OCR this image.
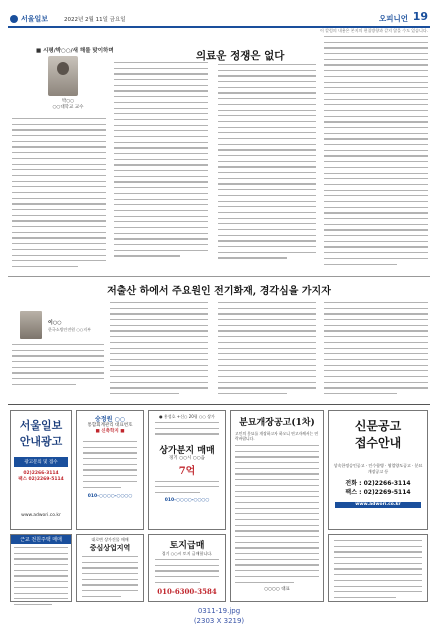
서울일보	2022년 2월 11일 금요일	오피니언 19
이 칼럼의 내용은 본지의 편집방향과 같지 않을 수도 있습니다.
■ 시평/박○○/새 해를 맞이하며
박○○
○○대학교 교수
의료운 정쟁은 없다
저출산 하에서 주요원인 전기화재, 경각심을 가지자
이○○
한국소방안전원 ○○지부
서울일보
안내광고
광고문의 및 접수
02)2266-3114
팩스 02)2269-5114
www.adwori.co.kr
숭정원 ○○
통합회계관리 대표번호
■ 신축학지 ■
010-○○○○-○○○○
● 홍성호 +신○ 20평 ○○ 상가
상가분지 매매
경기 ○○시 ○○읍
7억
010-○○○○-○○○○
분묘개장공고(1차)
고인의 분묘를 개장하고자 하오니 연고자께서는 연락바랍니다.
○○○○ 대표
신문공고
접수안내
상속한정승인공고 · 인수합병 · 영업양도공고 · 분묘개장공고 등
전화 : 02)2266-3114
팩스 : 02)2269-5114
www.adwori.co.kr
근교 전원주택 매매	대로변 상가건물 매매
중심상업지역	토지급매
경기 ○○시 토지 급매합니다.
010-6300-3584
0311-19.jpg
(2303 X 3219)
